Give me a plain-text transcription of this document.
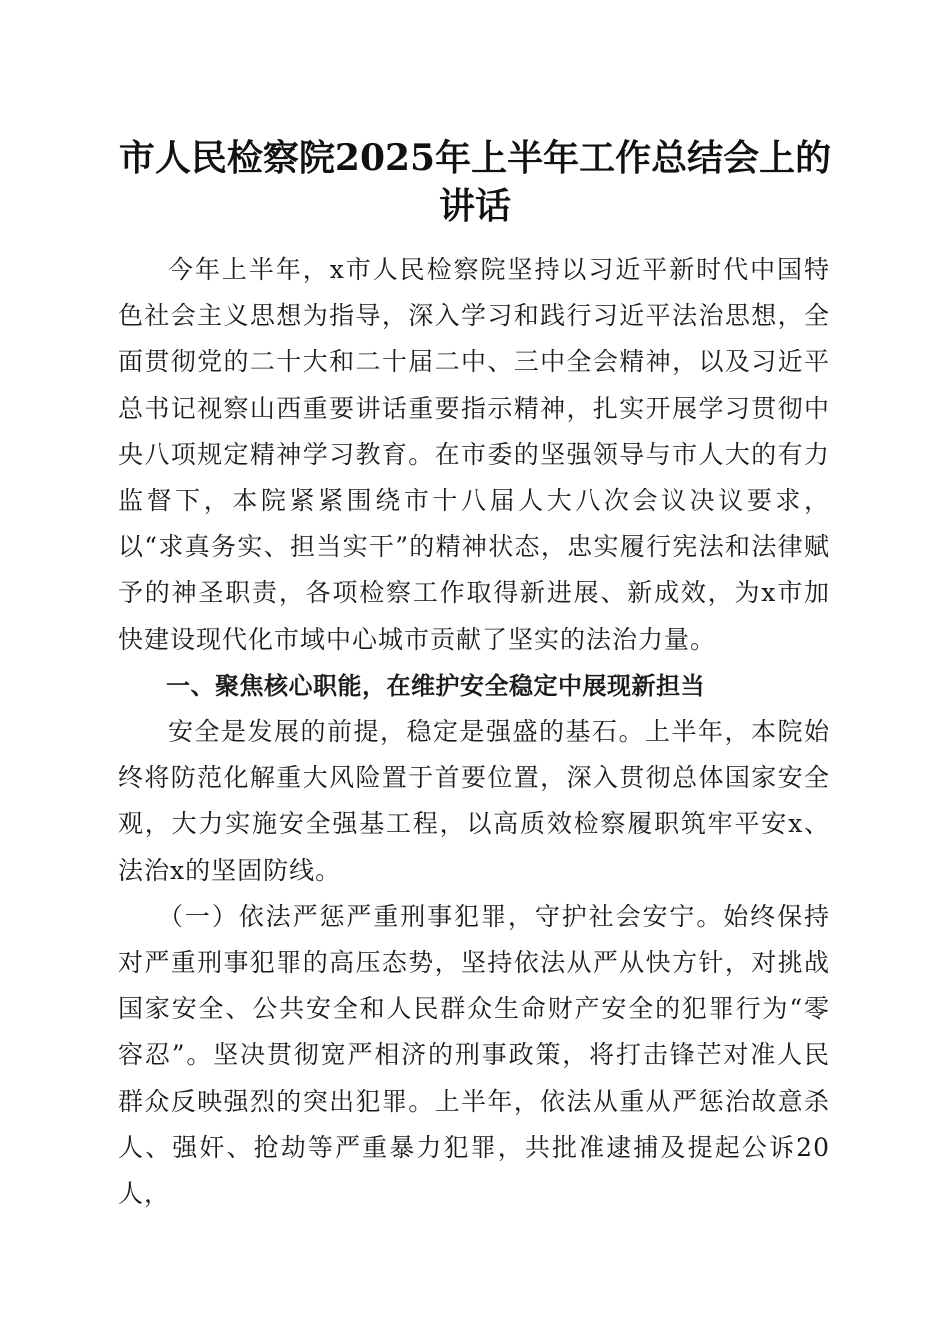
市人民检察院2025年上半年工作总结会上的讲话

今年上半年，x市人民检察院坚持以习近平新时代中国特色社会主义思想为指导，深入学习和践行习近平法治思想，全面贯彻党的二十大和二十届二中、三中全会精神，以及习近平总书记视察山西重要讲话重要指示精神，扎实开展学习贯彻中央八项规定精神学习教育。在市委的坚强领导与市人大的有力监督下，本院紧紧围绕市十八届人大八次会议决议要求，以“求真务实、担当实干”的精神状态，忠实履行宪法和法律赋予的神圣职责，各项检察工作取得新进展、新成效，为x市加快建设现代化市域中心城市贡献了坚实的法治力量。

一、聚焦核心职能，在维护安全稳定中展现新担当

安全是发展的前提，稳定是强盛的基石。上半年，本院始终将防范化解重大风险置于首要位置，深入贯彻总体国家安全观，大力实施安全强基工程，以高质效检察履职筑牢平安x、法治x的坚固防线。

（一）依法严惩严重刑事犯罪，守护社会安宁。始终保持对严重刑事犯罪的高压态势，坚持依法从严从快方针，对挑战国家安全、公共安全和人民群众生命财产安全的犯罪行为“零容忍”。坚决贯彻宽严相济的刑事政策，将打击锋芒对准人民群众反映强烈的突出犯罪。上半年，依法从重从严惩治故意杀人、强奸、抢劫等严重暴力犯罪，共批准逮捕及提起公诉20人，
